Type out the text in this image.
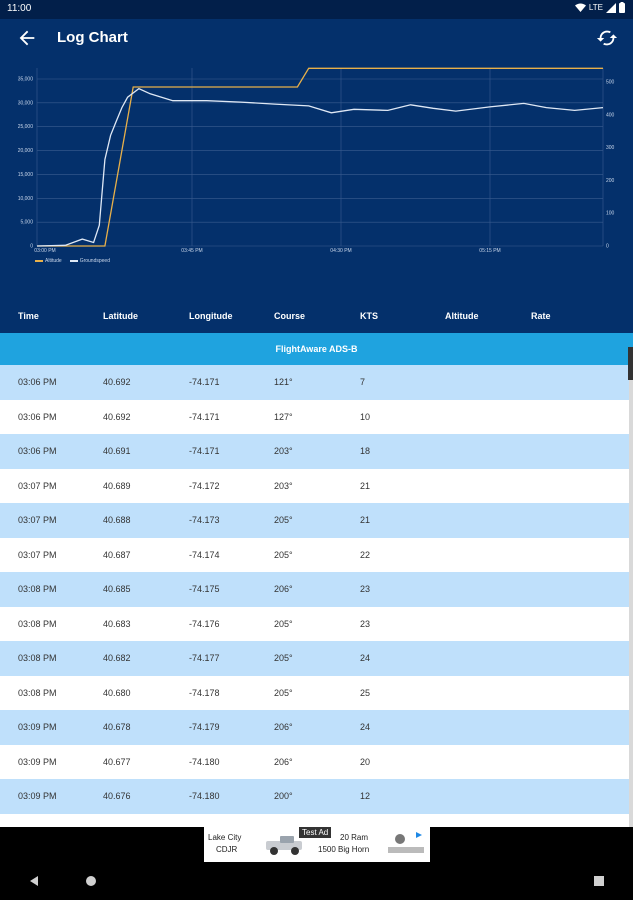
11:00	LTE
Log Chart
35,000
30,000
25,000
20,000
15,000
10,000
5,000
0
500
400
300
200
100
0
03:00 PM	03:45 PM	04:30 PM	05:15 PM
Altitude	Groundspeed
Time	Latitude	Longitude	Course	KTS	Altitude	Rate
FlightAware ADS-B
03:06 PM	40.692	-74.171	121°	7
03:06 PM	40.692	-74.171	127°	10
03:06 PM	40.691	-74.171	203°	18
03:07 PM	40.689	-74.172	203°	21
03:07 PM	40.688	-74.173	205°	21
03:07 PM	40.687	-74.174	205°	22
03:08 PM	40.685	-74.175	206°	23
03:08 PM	40.683	-74.176	205°	23
03:08 PM	40.682	-74.177	205°	24
03:08 PM	40.680	-74.178	205°	25
03:09 PM	40.678	-74.179	206°	24
03:09 PM	40.677	-74.180	206°	20
03:09 PM	40.676	-74.180	200°	12
Lake City
CDJR
Test Ad
20 Ram
1500 Big Horn
